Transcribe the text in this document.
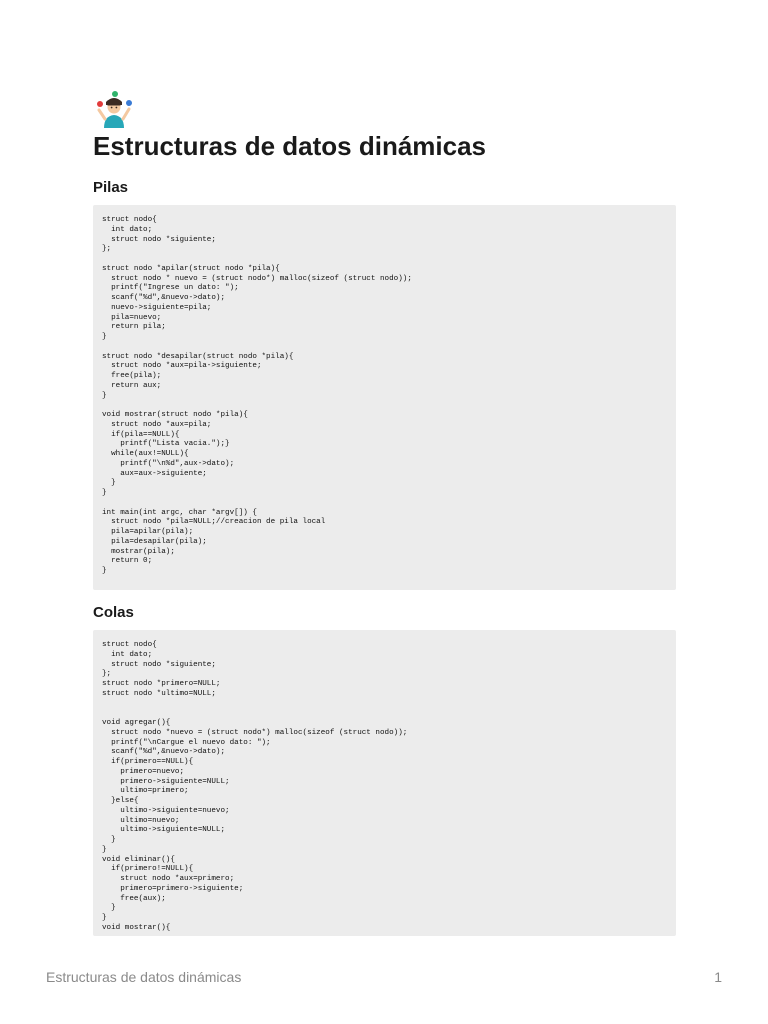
Estructuras de datos dinámicas
Pilas
struct nodo{
int dato;
struct nodo *siguiente;
};

struct nodo *apilar(struct nodo *pila){
struct nodo * nuevo = (struct nodo*) malloc(sizeof (struct nodo));
printf("Ingrese un dato: ");
scanf("%d",&nuevo->dato);
nuevo->siguiente=pila;
pila=nuevo;
return pila;
}

struct nodo *desapilar(struct nodo *pila){
struct nodo *aux=pila->siguiente;
free(pila);
return aux;
}

void mostrar(struct nodo *pila){
struct nodo *aux=pila;
if(pila==NULL){
printf("Lista vacia.");}
while(aux!=NULL){
printf("\n%d",aux->dato);
aux=aux->siguiente;
}
}

int main(int argc, char *argv[]) {
struct nodo *pila=NULL;//creacion de pila local
pila=apilar(pila);
pila=desapilar(pila);
mostrar(pila);
return 0;
}
Colas
struct nodo{
int dato;
struct nodo *siguiente;
};
struct nodo *primero=NULL;
struct nodo *ultimo=NULL;

void agregar(){
struct nodo *nuevo = (struct nodo*) malloc(sizeof (struct nodo));
printf("\nCargue el nuevo dato: ");
scanf("%d",&nuevo->dato);
if(primero==NULL){
primero=nuevo;
primero->siguiente=NULL;
ultimo=primero;
}else{
ultimo->siguiente=nuevo;
ultimo=nuevo;
ultimo->siguiente=NULL;
}
}
void eliminar(){
if(primero!=NULL){
struct nodo *aux=primero;
primero=primero->siguiente;
free(aux);
}
}
void mostrar(){
Estructuras de datos dinámicas	1
